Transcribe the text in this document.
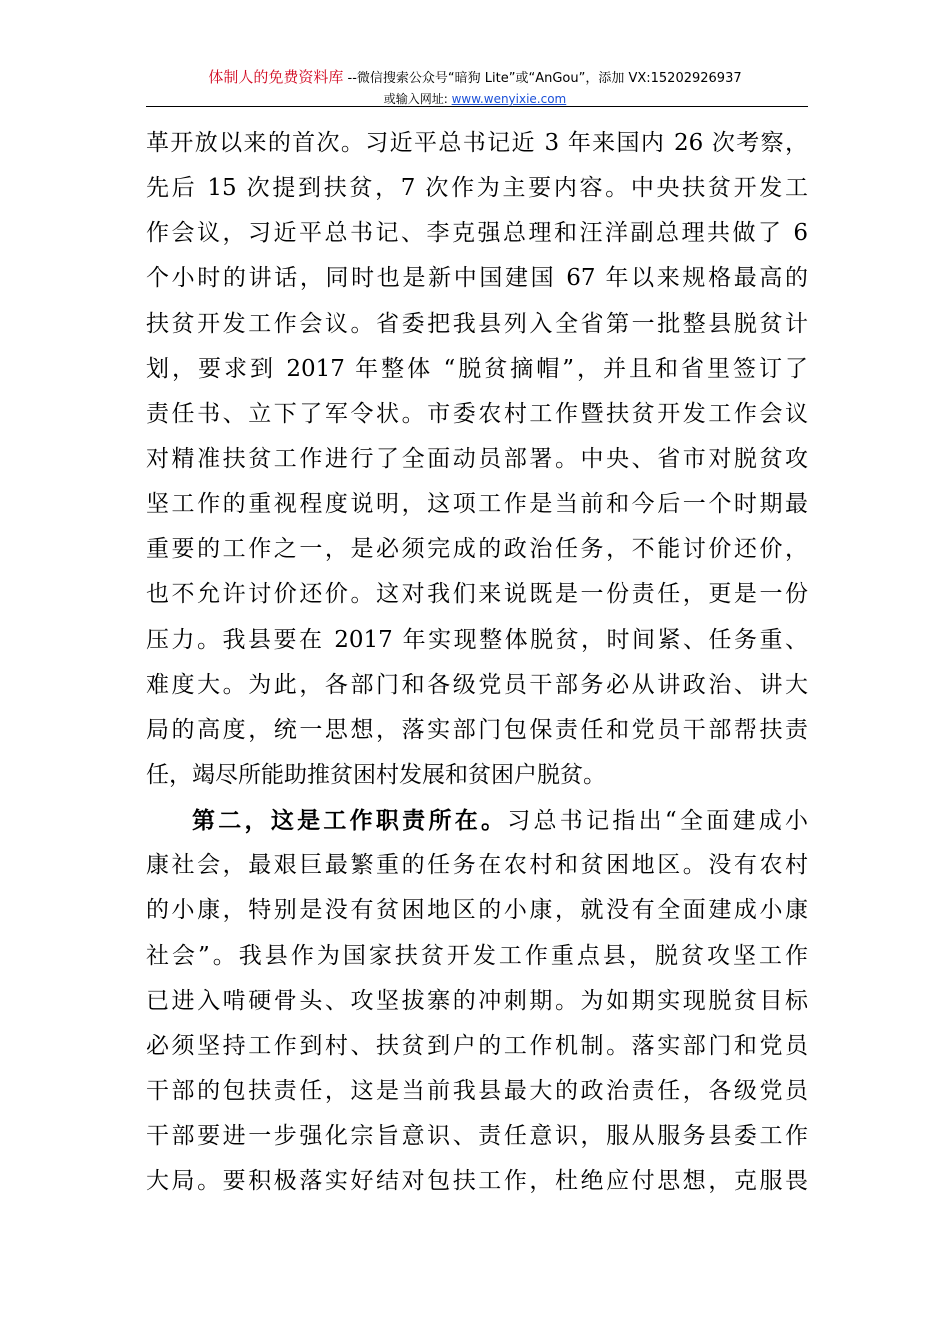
体制人的免费资料库 --微信搜索公众号“暗狗 Lite”或“AnGou”，添加 VX:15202926937
或输入网址: www.wenyixie.com
革开放以来的首次。习近平总书记近 3 年来国内 26 次考察，
先后 15 次提到扶贫，7 次作为主要内容。中央扶贫开发工
作会议，习近平总书记、李克强总理和汪洋副总理共做了 6
个小时的讲话，同时也是新中国建国 67 年以来规格最高的
扶贫开发工作会议。省委把我县列入全省第一批整县脱贫计
划，要求到 2017 年整体 “脱贫摘帽”，并且和省里签订了
责任书、立下了军令状。市委农村工作暨扶贫开发工作会议
对精准扶贫工作进行了全面动员部署。中央、省市对脱贫攻
坚工作的重视程度说明，这项工作是当前和今后一个时期最
重要的工作之一，是必须完成的政治任务，不能讨价还价，
也不允许讨价还价。这对我们来说既是一份责任，更是一份
压力。我县要在 2017 年实现整体脱贫，时间紧、任务重、
难度大。为此，各部门和各级党员干部务必从讲政治、讲大
局的高度，统一思想，落实部门包保责任和党员干部帮扶责
任，竭尽所能助推贫困村发展和贫困户脱贫。
第二，这是工作职责所在。习总书记指出“全面建成小
康社会，最艰巨最繁重的任务在农村和贫困地区。没有农村
的小康，特别是没有贫困地区的小康，就没有全面建成小康
社会”。我县作为国家扶贫开发工作重点县，脱贫攻坚工作
已进入啃硬骨头、攻坚拔寨的冲刺期。为如期实现脱贫目标
必须坚持工作到村、扶贫到户的工作机制。落实部门和党员
干部的包扶责任，这是当前我县最大的政治责任，各级党员
干部要进一步强化宗旨意识、责任意识，服从服务县委工作
大局。要积极落实好结对包扶工作，杜绝应付思想，克服畏
